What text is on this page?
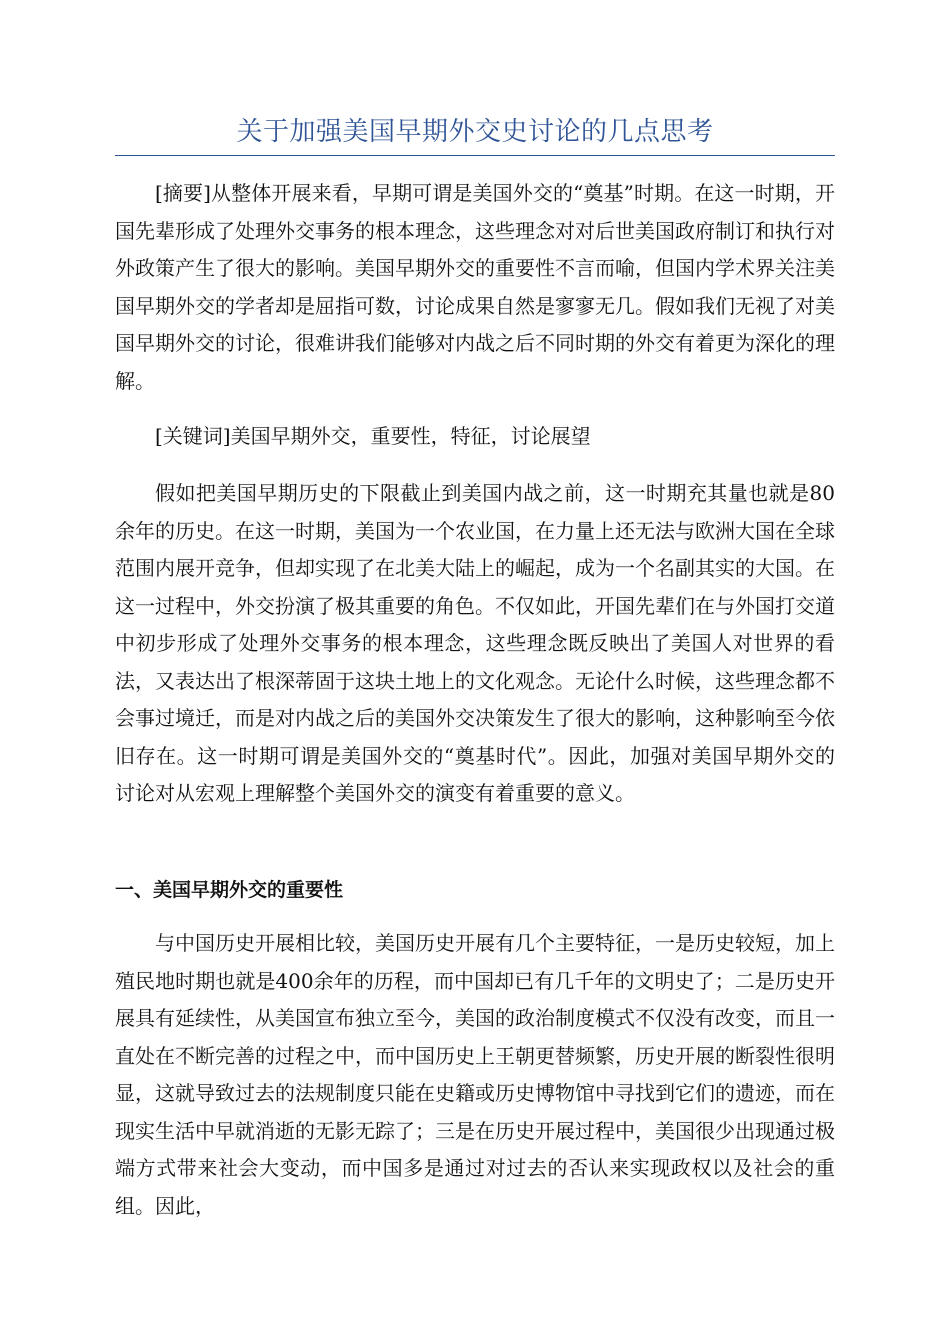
关于加强美国早期外交史讨论的几点思考

[摘要]从整体开展来看，早期可谓是美国外交的“奠基”时期。在这一时期，开国先辈形成了处理外交事务的根本理念，这些理念对对后世美国政府制订和执行对外政策产生了很大的影响。美国早期外交的重要性不言而喻，但国内学术界关注美国早期外交的学者却是屈指可数，讨论成果自然是寥寥无几。假如我们无视了对美国早期外交的讨论，很难讲我们能够对内战之后不同时期的外交有着更为深化的理解。

[关键词]美国早期外交，重要性，特征，讨论展望

假如把美国早期历史的下限截止到美国内战之前，这一时期充其量也就是80余年的历史。在这一时期，美国为一个农业国，在力量上还无法与欧洲大国在全球范围内展开竞争，但却实现了在北美大陆上的崛起，成为一个名副其实的大国。在这一过程中，外交扮演了极其重要的角色。不仅如此，开国先辈们在与外国打交道中初步形成了处理外交事务的根本理念，这些理念既反映出了美国人对世界的看法，又表达出了根深蒂固于这块土地上的文化观念。无论什么时候，这些理念都不会事过境迁，而是对内战之后的美国外交决策发生了很大的影响，这种影响至今依旧存在。这一时期可谓是美国外交的“奠基时代”。因此，加强对美国早期外交的讨论对从宏观上理解整个美国外交的演变有着重要的意义。

一、美国早期外交的重要性

与中国历史开展相比较，美国历史开展有几个主要特征，一是历史较短，加上殖民地时期也就是400余年的历程，而中国却已有几千年的文明史了；二是历史开展具有延续性，从美国宣布独立至今，美国的政治制度模式不仅没有改变，而且一直处在不断完善的过程之中，而中国历史上王朝更替频繁，历史开展的断裂性很明显，这就导致过去的法规制度只能在史籍或历史博物馆中寻找到它们的遗迹，而在现实生活中早就消逝的无影无踪了；三是在历史开展过程中，美国很少出现通过极端方式带来社会大变动，而中国多是通过对过去的否认来实现政权以及社会的重组。因此，
